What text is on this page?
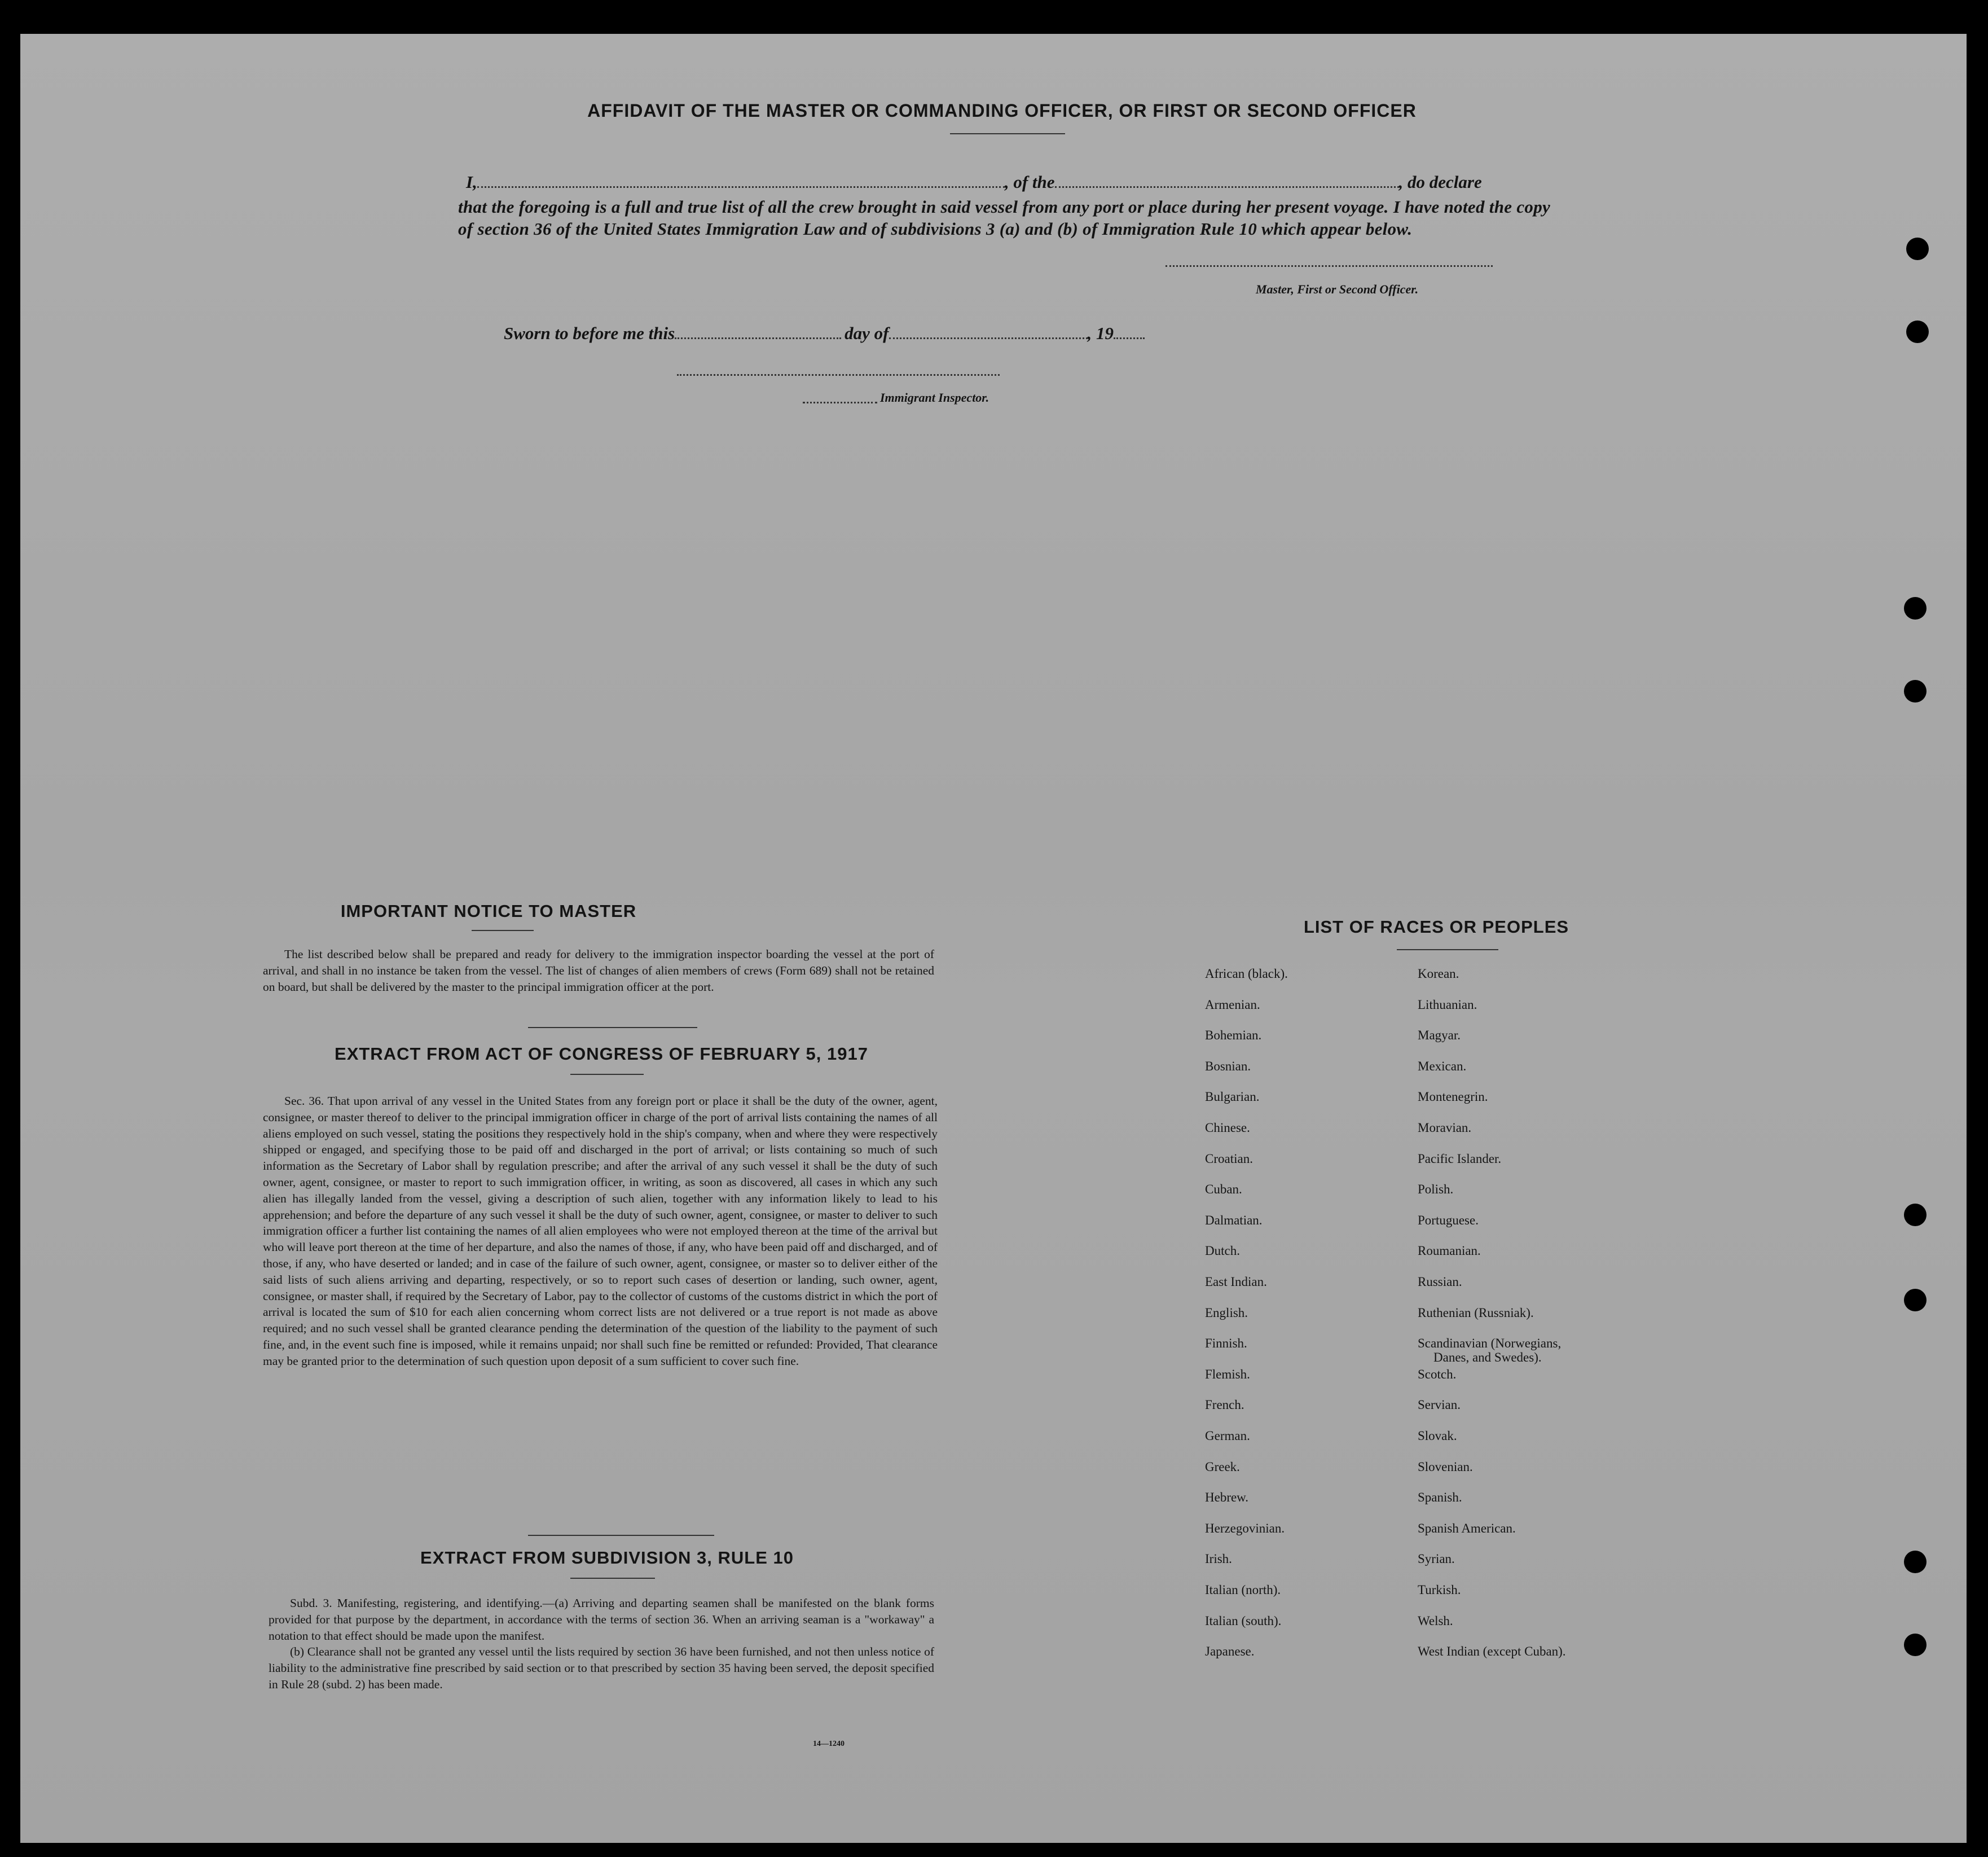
AFFIDAVIT OF THE MASTER OR COMMANDING OFFICER, OR FIRST OR SECOND OFFICER
I,	, of the	, do declare
that the foregoing is a full and true list of all the crew brought in said vessel from any port or place during her present voyage. I have noted the copy of section 36 of the United States Immigration Law and of subdivisions 3 (a) and (b) of Immigration Rule 10 which appear below.
Master, First or Second Officer.
Sworn to before me this	day of	, 19
Immigrant Inspector.
IMPORTANT NOTICE TO MASTER

The list described below shall be prepared and ready for delivery to the immigration inspector boarding the vessel at the port of arrival, and shall in no instance be taken from the vessel. The list of changes of alien members of crews (Form 689) shall not be retained on board, but shall be delivered by the master to the principal immigration officer at the port.

EXTRACT FROM ACT OF CONGRESS OF FEBRUARY 5, 1917

Sec. 36. That upon arrival of any vessel in the United States from any foreign port or place it shall be the duty of the owner, agent, consignee, or master thereof to deliver to the principal immigration officer in charge of the port of arrival lists containing the names of all aliens employed on such vessel, stating the positions they respectively hold in the ship's company, when and where they were respectively shipped or engaged, and specifying those to be paid off and discharged in the port of arrival; or lists containing so much of such information as the Secretary of Labor shall by regulation prescribe; and after the arrival of any such vessel it shall be the duty of such owner, agent, consignee, or master to report to such immigration officer, in writing, as soon as discovered, all cases in which any such alien has illegally landed from the vessel, giving a description of such alien, together with any information likely to lead to his apprehension; and before the departure of any such vessel it shall be the duty of such owner, agent, consignee, or master to deliver to such immigration officer a further list containing the names of all alien employees who were not employed thereon at the time of the arrival but who will leave port thereon at the time of her departure, and also the names of those, if any, who have been paid off and discharged, and of those, if any, who have deserted or landed; and in case of the failure of such owner, agent, consignee, or master so to deliver either of the said lists of such aliens arriving and departing, respectively, or so to report such cases of desertion or landing, such owner, agent, consignee, or master shall, if required by the Secretary of Labor, pay to the collector of customs of the customs district in which the port of arrival is located the sum of $10 for each alien concerning whom correct lists are not delivered or a true report is not made as above required; and no such vessel shall be granted clearance pending the determination of the question of the liability to the payment of such fine, and, in the event such fine is imposed, while it remains unpaid; nor shall such fine be remitted or refunded: Provided, That clearance may be granted prior to the determination of such question upon deposit of a sum sufficient to cover such fine.

EXTRACT FROM SUBDIVISION 3, RULE 10

Subd. 3. Manifesting, registering, and identifying.—(a) Arriving and departing seamen shall be manifested on the blank forms provided for that purpose by the department, in accordance with the terms of section 36. When an arriving seaman is a "workaway" a notation to that effect should be made upon the manifest.

(b) Clearance shall not be granted any vessel until the lists required by section 36 have been furnished, and not then unless notice of liability to the administrative fine prescribed by said section or to that prescribed by section 35 having been served, the deposit specified in Rule 28 (subd. 2) has been made.

14—1240
LIST OF RACES OR PEOPLES
African (black).
Armenian.
Bohemian.
Bosnian.
Bulgarian.
Chinese.
Croatian.
Cuban.
Dalmatian.
Dutch.
East Indian.
English.
Finnish.
Flemish.
French.
German.
Greek.
Hebrew.
Herzegovinian.
Irish.
Italian (north).
Italian (south).
Japanese.
Korean.
Lithuanian.
Magyar.
Mexican.
Montenegrin.
Moravian.
Pacific Islander.
Polish.
Portuguese.
Roumanian.
Russian.
Ruthenian (Russniak).
Scandinavian (Norwegians,
Danes, and Swedes).
Scotch.
Servian.
Slovak.
Slovenian.
Spanish.
Spanish American.
Syrian.
Turkish.
Welsh.
West Indian (except Cuban).
